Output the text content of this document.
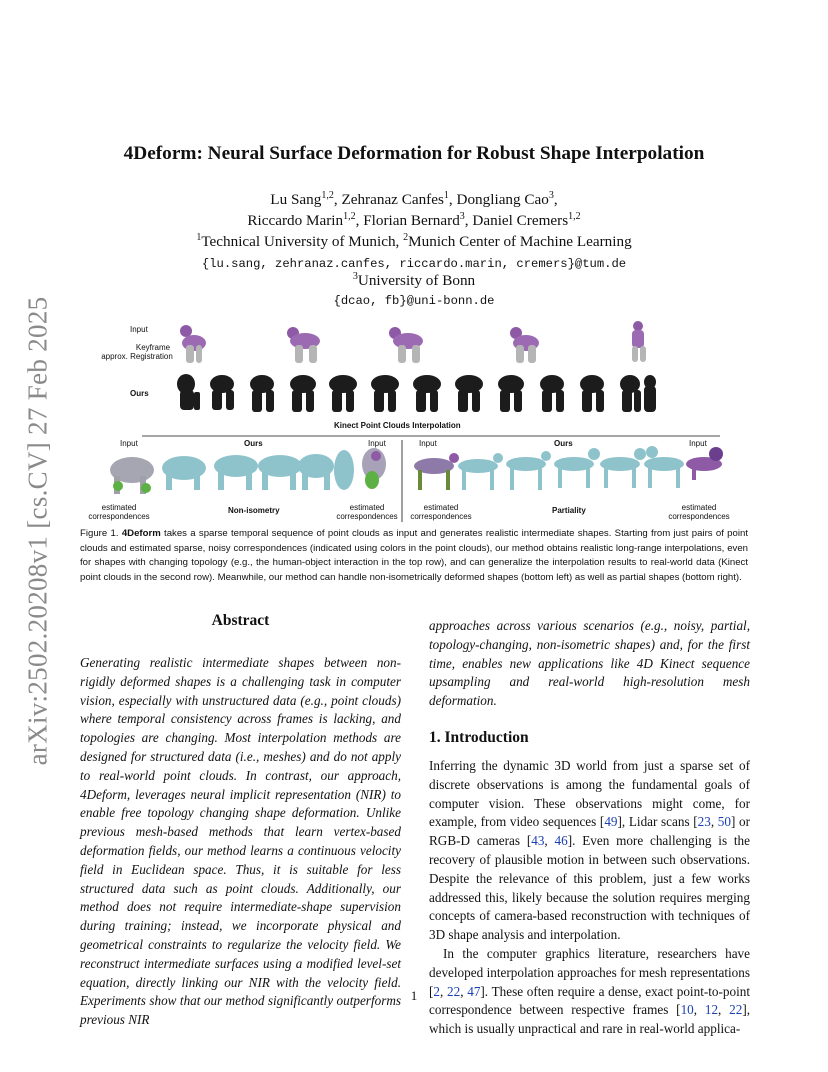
arXiv:2502.20208v1 [cs.CV] 27 Feb 2025
4Deform: Neural Surface Deformation for Robust Shape Interpolation
Lu Sang$^{1,2}$, Zehranaz Canfes$^1$, Dongliang Cao$^3$,
Riccardo Marin$^{1,2}$, Florian Bernard$^3$, Daniel Cremers$^{1,2}$
$^1$Technical University of Munich, $^2$Munich Center of Machine Learning
{lu.sang, zehranaz.canfes, riccardo.marin, cremers}@tum.de
$^3$University of Bonn
{dcao, fb}@uni-bonn.de
Input
Keyframe
approx. Registration
Ours
Kinect Point Clouds Interpolation
Input	Ours	Input	Input	Ours	Input
Non-isometry	Partiality
estimated
correspondences
estimated
correspondences
estimated
correspondences
estimated
correspondences
Figure 1. 4Deform takes a sparse temporal sequence of point clouds as input and generates realistic intermediate shapes. Starting from just pairs of point clouds and estimated sparse, noisy correspondences (indicated using colors in the point clouds), our method obtains realistic long-range interpolations, even for shapes with changing topology (e.g., the human-object interaction in the top row), and can generalize the interpolation results to real-world data (Kinect point clouds in the second row). Meanwhile, our method can handle non-isometrically deformed shapes (bottom left) as well as partial shapes (bottom right).
Abstract

Generating realistic intermediate shapes between non-rigidly deformed shapes is a challenging task in computer vision, especially with unstructured data (e.g., point clouds) where temporal consistency across frames is lacking, and topologies are changing. Most interpolation methods are designed for structured data (i.e., meshes) and do not apply to real-world point clouds. In contrast, our approach, 4Deform, leverages neural implicit representation (NIR) to enable free topology changing shape deformation. Unlike previous mesh-based methods that learn vertex-based deformation fields, our method learns a continuous velocity field in Euclidean space. Thus, it is suitable for less structured data such as point clouds. Additionally, our method does not require intermediate-shape supervision during training; instead, we incorporate physical and geometrical constraints to regularize the velocity field. We reconstruct intermediate surfaces using a modified level-set equation, directly linking our NIR with the velocity field. Experiments show that our method significantly outperforms previous NIR

approaches across various scenarios (e.g., noisy, partial, topology-changing, non-isometric shapes) and, for the first time, enables new applications like 4D Kinect sequence upsampling and real-world high-resolution mesh deformation.

1. Introduction

Inferring the dynamic 3D world from just a sparse set of discrete observations is among the fundamental goals of computer vision. These observations might come, for example, from video sequences [49], Lidar scans [23, 50] or RGB-D cameras [43, 46]. Even more challenging is the recovery of plausible motion in between such observations. Despite the relevance of this problem, just a few works addressed this, likely because the solution requires merging concepts of camera-based reconstruction with techniques of 3D shape analysis and interpolation.

In the computer graphics literature, researchers have developed interpolation approaches for mesh representations [2, 22, 47]. These often require a dense, exact point-to-point correspondence between respective frames [10, 12, 22], which is usually unpractical and rare in real-world applica-

1
